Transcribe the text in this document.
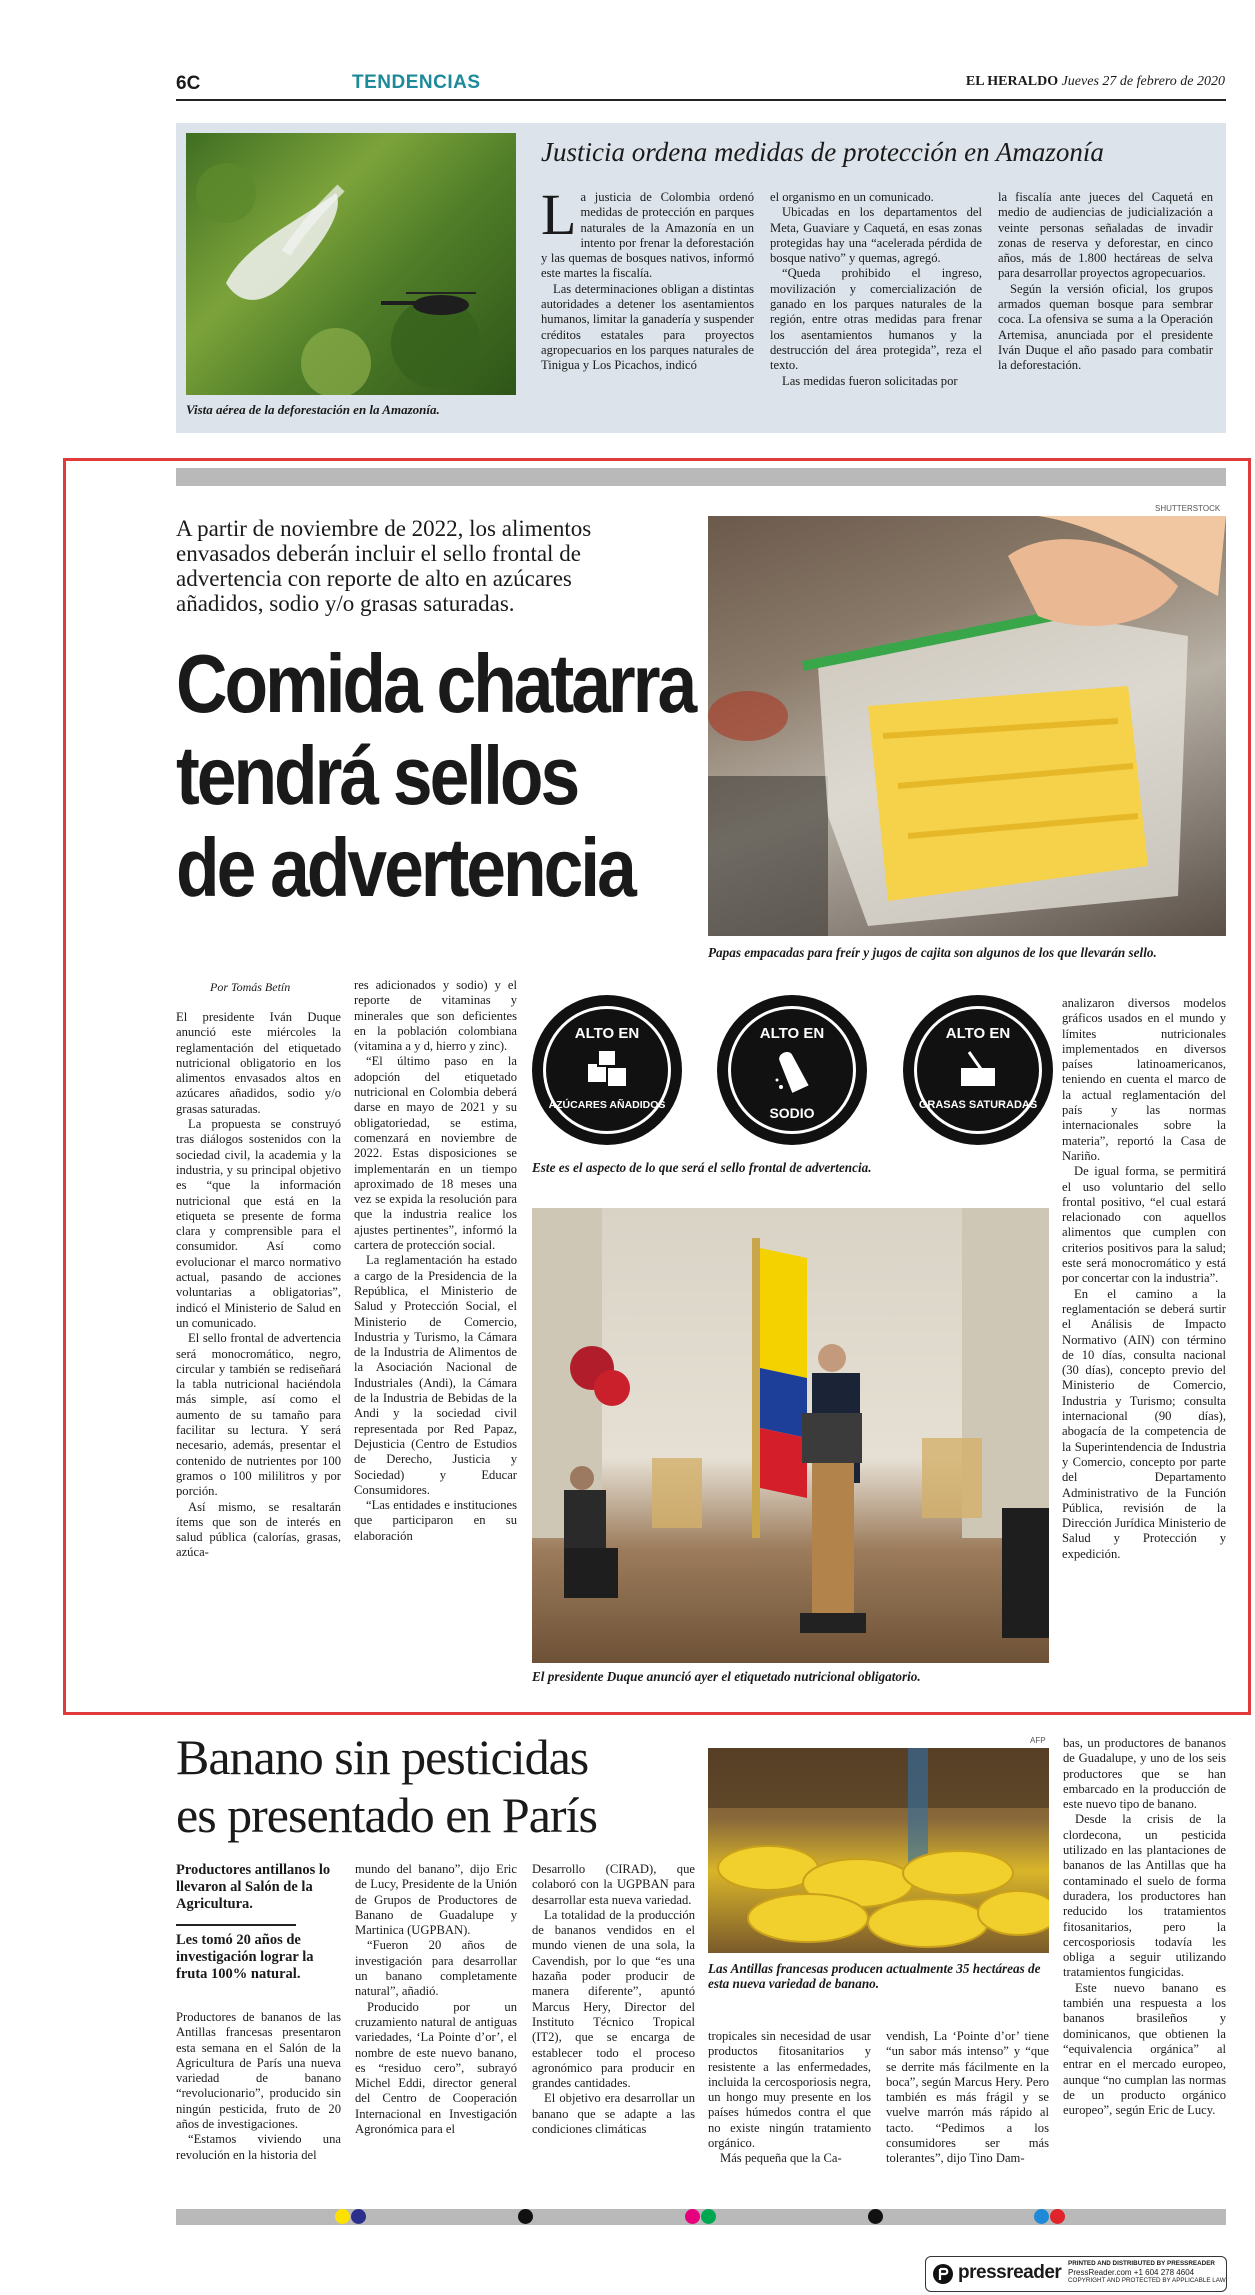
6C	TENDENCIAS	EL HERALDO Jueves 27 de febrero de 2020
Vista aérea de la deforestación en la Amazonía.
Justicia ordena medidas de protección en Amazonía
L a justicia de Colombia ordenó medidas de protección en parques naturales de la Amazonía en un intento por frenar la deforestación y las quemas de bosques nativos, informó este martes la fiscalía.

Las determinaciones obligan a distintas autoridades a detener los asentamientos humanos, limitar la ganadería y suspender créditos estatales para proyectos agropecuarios en los parques naturales de Tinigua y Los Picachos, indicó

el organismo en un comunicado.

Ubicadas en los departamentos del Meta, Guaviare y Caquetá, en esas zonas protegidas hay una “acelerada pérdida de bosque nativo” y quemas, agregó.

“Queda prohibido el ingreso, movilización y comercialización de ganado en los parques naturales de la región, entre otras medidas para frenar los asentamientos humanos y la destrucción del área protegida”, reza el texto.

Las medidas fueron solicitadas por

la fiscalía ante jueces del Caquetá en medio de audiencias de judicialización a veinte personas señaladas de invadir zonas de reserva y deforestar, en cinco años, más de 1.800 hectáreas de selva para desarrollar proyectos agropecuarios.

Según la versión oficial, los grupos armados queman bosque para sembrar coca. La ofensiva se suma a la Operación Artemisa, anunciada por el presidente Iván Duque el año pasado para combatir la deforestación.

A partir de noviembre de 2022, los alimentos envasados deberán incluir el sello frontal de advertencia con reporte de alto en azúcares añadidos, sodio y/o grasas saturadas.
Comida chatarra
tendrá sellos
de advertencia
SHUTTERSTOCK
Papas empacadas para freír y jugos de cajita son algunos de los que llevarán sello.
Por Tomás Betín

El presidente Iván Duque anunció este miércoles la reglamentación del etiquetado nutricional obligatorio en los alimentos envasados altos en azúcares añadidos, sodio y/o grasas saturadas.

La propuesta se construyó tras diálogos sostenidos con la sociedad civil, la academia y la industria, y su principal objetivo es “que la información nutricional que está en la etiqueta se presente de forma clara y comprensible para el consumidor. Así como evolucionar el marco normativo actual, pasando de acciones voluntarias a obligatorias”, indicó el Ministerio de Salud en un comunicado.

El sello frontal de advertencia será monocromático, negro, circular y también se rediseñará la tabla nutricional haciéndola más simple, así como el aumento de su tamaño para facilitar su lectura. Y será necesario, además, presentar el contenido de nutrientes por 100 gramos o 100 mililitros y por porción.

Así mismo, se resaltarán ítems que son de interés en salud pública (calorías, grasas, azúca-

res adicionados y sodio) y el reporte de vitaminas y minerales que son deficientes en la población colombiana (vitamina a y d, hierro y zinc).

“El último paso en la adopción del etiquetado nutricional en Colombia deberá darse en mayo de 2021 y su obligatoriedad, se estima, comenzará en noviembre de 2022. Estas disposiciones se implementarán en un tiempo aproximado de 18 meses una vez se expida la resolución para que la industria realice los ajustes pertinentes”, informó la cartera de protección social.

La reglamentación ha estado a cargo de la Presidencia de la República, el Ministerio de Salud y Protección Social, el Ministerio de Comercio, Industria y Turismo, la Cámara de la Industria de Alimentos de la Asociación Nacional de Industriales (Andi), la Cámara de la Industria de Bebidas de la Andi y la sociedad civil representada por Red Papaz, Dejusticia (Centro de Estudios de Derecho, Justicia y Sociedad) y Educar Consumidores.

“Las entidades e instituciones que participaron en su elaboración

ALTO EN
AZÚCARES AÑADIDOS
ALTO EN
SODIO
ALTO EN
GRASAS SATURADAS
Este es el aspecto de lo que será el sello frontal de advertencia.
El presidente Duque anunció ayer el etiquetado nutricional obligatorio.

analizaron diversos modelos gráficos usados en el mundo y límites nutricionales implementados en diversos países latinoamericanos, teniendo en cuenta el marco de la actual reglamentación del país y las normas internacionales sobre la materia”, reportó la Casa de Nariño.

De igual forma, se permitirá el uso voluntario del sello frontal positivo, “el cual estará relacionado con aquellos alimentos que cumplen con criterios positivos para la salud; este será monocromático y está por concertar con la industria”.

En el camino a la reglamentación se deberá surtir el Análisis de Impacto Normativo (AIN) con término de 10 días, consulta nacional (30 días), concepto previo del Ministerio de Comercio, Industria y Turismo; consulta internacional (90 días), abogacía de la competencia de la Superintendencia de Industria y Comercio, concepto por parte del Departamento Administrativo de la Función Pública, revisión de la Dirección Jurídica Ministerio de Salud y Protección y expedición.

Banano sin pesticidas
es presentado en París
Productores antillanos lo llevaron al Salón de la Agricultura.
Les tomó 20 años de investigación lograr la fruta 100% natural.

Productores de bananos de las Antillas francesas presentaron esta semana en el Salón de la Agricultura de París una nueva variedad de banano “revolucionario”, producido sin ningún pesticida, fruto de 20 años de investigaciones.

“Estamos viviendo una revolución en la historia del

mundo del banano”, dijo Eric de Lucy, Presidente de la Unión de Grupos de Productores de Banano de Guadalupe y Martinica (UGPBAN).

“Fueron 20 años de investigación para desarrollar un banano completamente natural”, añadió.

Producido por un cruzamiento natural de antiguas variedades, ‘La Pointe d’or’, el nombre de este nuevo banano, es “residuo cero”, subrayó Michel Eddi, director general del Centro de Cooperación Internacional en Investigación Agronómica para el

Desarrollo (CIRAD), que colaboró con la UGPBAN para desarrollar esta nueva variedad.

La totalidad de la producción de bananos vendidos en el mundo vienen de una sola, la Cavendish, por lo que “es una hazaña poder producir de manera diferente”, apuntó Marcus Hery, Director del Instituto Técnico Tropical (IT2), que se encarga de establecer todo el proceso agronómico para producir en grandes cantidades.

El objetivo era desarrollar un banano que se adapte a las condiciones climáticas

AFP
Las Antillas francesas producen actualmente 35 hectáreas de esta nueva variedad de banano.

tropicales sin necesidad de usar productos fitosanitarios y resistente a las enfermedades, incluida la cercosporiosis negra, un hongo muy presente en los países húmedos contra el que no existe ningún tratamiento orgánico.

Más pequeña que la Ca-

vendish, La ‘Pointe d’or’ tiene “un sabor más intenso” y “que se derrite más fácilmente en la boca”, según Marcus Hery. Pero también es más frágil y se vuelve marrón más rápido al tacto. “Pedimos a los consumidores ser más tolerantes”, dijo Tino Dam-

bas, un productores de bananos de Guadalupe, y uno de los seis productores que se han embarcado en la producción de este nuevo tipo de banano.

Desde la crisis de la clordecona, un pesticida utilizado en las plantaciones de bananos de las Antillas que ha contaminado el suelo de forma duradera, los productores han reducido los tratamientos fitosanitarios, pero la cercosporiosis todavía les obliga a seguir utilizando tratamientos fungicidas.

Este nuevo banano es también una respuesta a los bananos brasileños y dominicanos, que obtienen la “equivalencia orgánica” al entrar en el mercado europeo, aunque “no cumplan las normas de un producto orgánico europeo”, según Eric de Lucy.

pressreader PRINTED AND DISTRIBUTED BY PRESSREADER
PressReader.com +1 604 278 4604
COPYRIGHT AND PROTECTED BY APPLICABLE LAW
